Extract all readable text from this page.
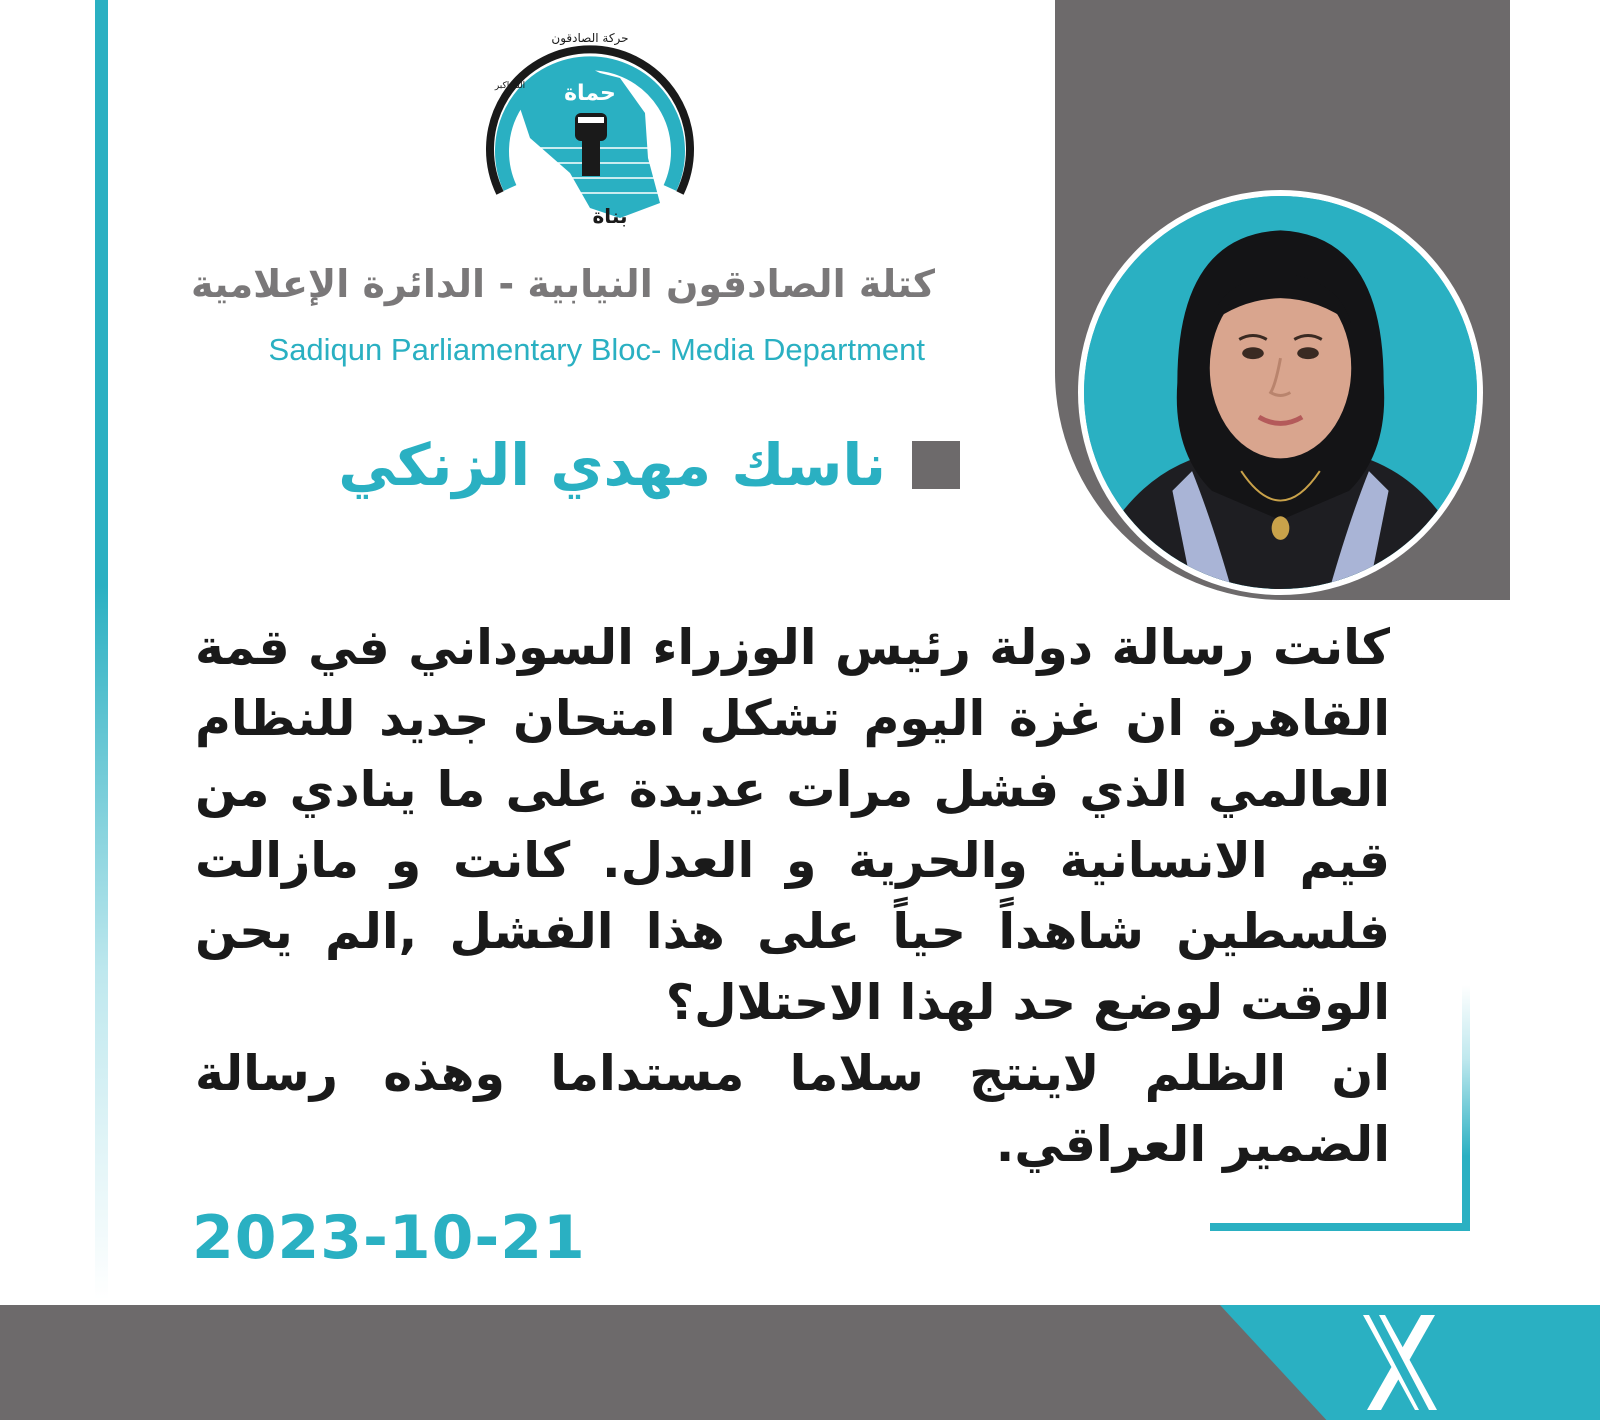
حماة
بناة
حركة الصادقون
الله اكبر
كتلة الصادقون النيابية - الدائرة الإعلامية
Sadiqun Parliamentary Bloc- Media Department
ناسك مهدي الزنكي

كانت رسالة دولة رئيس الوزراء السوداني في قمة القاهرة ان غزة اليوم تشكل امتحان جديد للنظام العالمي الذي فشل مرات عديدة على ما ينادي من قيم الانسانية والحرية و العدل. كانت و مازالت فلسطين شاهداً حياً على هذا الفشل ,الم يحن الوقت لوضع حد لهذا الاحتلال؟

ان الظلم لاينتج سلاما مستداما وهذه رسالة الضمير العراقي.

2023-10-21
